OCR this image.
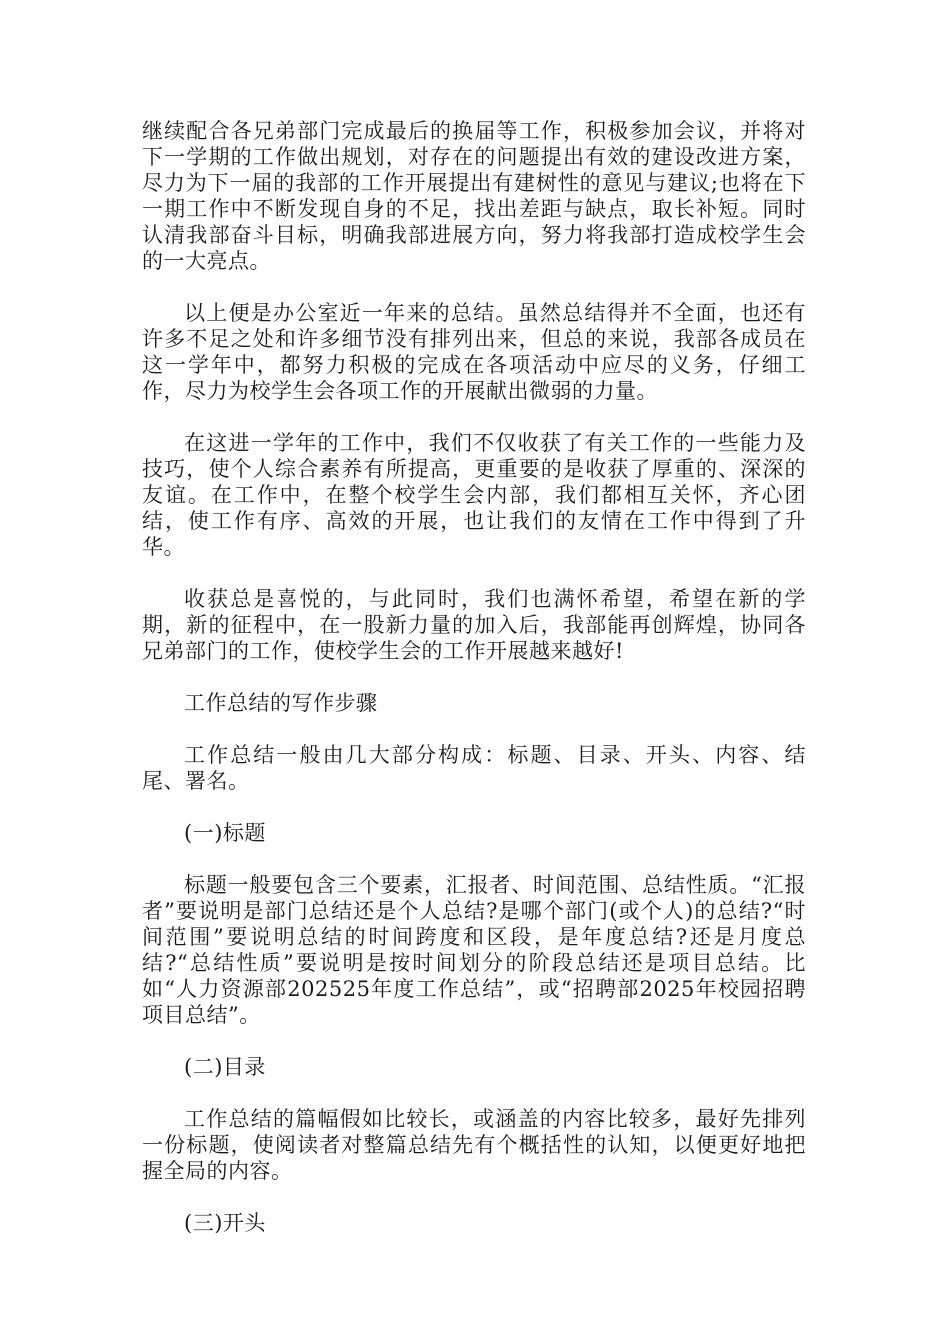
继续配合各兄弟部门完成最后的换届等工作，积极参加会议，并将对下一学期的工作做出规划，对存在的问题提出有效的建设改进方案，尽力为下一届的我部的工作开展提出有建树性的意见与建议;也将在下一期工作中不断发现自身的不足，找出差距与缺点，取长补短。同时认清我部奋斗目标，明确我部进展方向，努力将我部打造成校学生会的一大亮点。

以上便是办公室近一年来的总结。虽然总结得并不全面，也还有许多不足之处和许多细节没有排列出来，但总的来说，我部各成员在这一学年中，都努力积极的完成在各项活动中应尽的义务，仔细工作，尽力为校学生会各项工作的开展献出微弱的力量。

在这进一学年的工作中，我们不仅收获了有关工作的一些能力及技巧，使个人综合素养有所提高，更重要的是收获了厚重的、深深的友谊。在工作中，在整个校学生会内部，我们都相互关怀，齐心团结，使工作有序、高效的开展，也让我们的友情在工作中得到了升华。

收获总是喜悦的，与此同时，我们也满怀希望，希望在新的学期，新的征程中，在一股新力量的加入后，我部能再创辉煌，协同各兄弟部门的工作，使校学生会的工作开展越来越好!

工作总结的写作步骤

工作总结一般由几大部分构成：标题、目录、开头、内容、结尾、署名。

(一)标题

标题一般要包含三个要素，汇报者、时间范围、总结性质。“汇报者”要说明是部门总结还是个人总结?是哪个部门(或个人)的总结?“时间范围”要说明总结的时间跨度和区段，是年度总结?还是月度总结?“总结性质”要说明是按时间划分的阶段总结还是项目总结。比如“人力资源部202525年度工作总结”，或“招聘部2025年校园招聘项目总结”。

(二)目录

工作总结的篇幅假如比较长，或涵盖的内容比较多，最好先排列一份标题，使阅读者对整篇总结先有个概括性的认知，以便更好地把握全局的内容。

(三)开头
